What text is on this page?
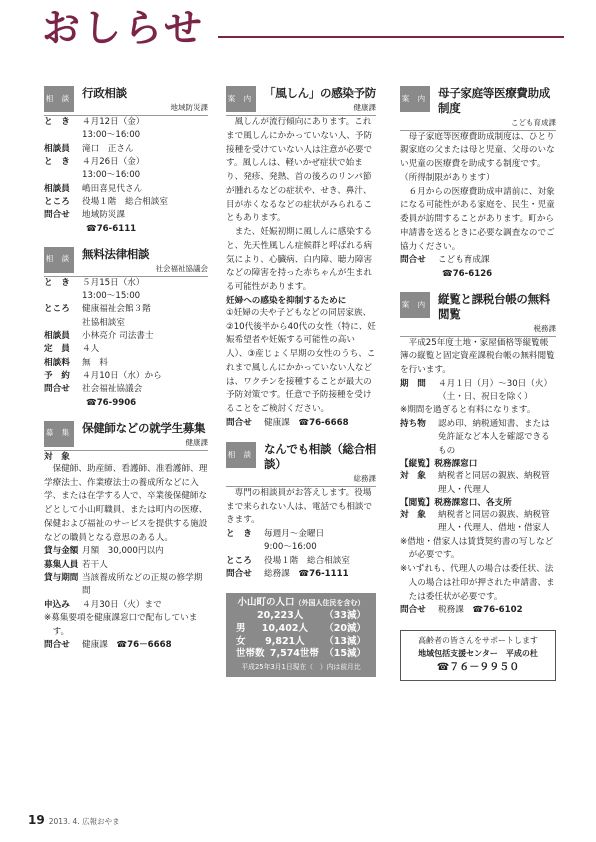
おしらせ
相 談 行政相談
地域防災課
と　き	４月12日（金）
13:00～16:00
相談員	滝口　正さん
と　き	４月26日（金）
13:00～16:00
相談員	嶋田喜見代さん
ところ	役場１階　総合相談室
問合せ	地域防災課
☎76-6111
相 談 無料法律相談
社会福祉協議会
と　き	５月15日（水）
13:00～15:00
ところ	健康福祉会館３階
社協相談室
相談員	小林亮介 司法書士
定　員	４人
相談料	無　料
予　約	４月10日（水）から
問合せ	社会福祉協議会
☎76-9906
募 集 保健師などの就学生募集
健康課
対　象
保健師、助産師、看護師、准看護師、理学療法士、作業療法士の養成所などに入学、または在学する人で、卒業後保健師などとして小山町職員、または町内の医療、保健および福祉のサービスを提供する施設などの職員となる意思のある人。
貸与金額 月額　30,000円以内
募集人員 若干人
貸与期間 当該養成所などの正規の修学期間
申込み	４月30日（火）まで
※募集要項を健康課窓口で配布しています。
問合せ	健康課　 ☎76－6668
案 内 「風しん」の感染予防
健康課
風しんが流行傾向にあります。これまで風しんにかかっていない人、予防接種を受けていない人は注意が必要です。風しんは、軽いかぜ症状で始まり、発疹、発熱、首の後ろのリンパ節が腫れるなどの症状や、せき、鼻汁、目が赤くなるなどの症状がみられることもあります。
また、妊娠初期に風しんに感染すると、先天性風しん症候群と呼ばれる病気により、心臓病、白内障、聴力障害などの障害を持った赤ちゃんが生まれる可能性があります。
妊婦への感染を抑制するために
①妊婦の夫や子どもなどの同居家族、②10代後半から40代の女性（特に、妊娠希望者や妊娠する可能性の高い人）、③産じょく早期の女性のうち、これまで風しんにかかっていない人などは、ワクチンを接種することが最大の予防対策です。任意で予防接種を受けることをご検討ください。
問合せ	健康課　 ☎76-6668
相 談 なんでも相談（総合相談）
総務課
専門の相談員がお答えします。役場まで来られない人は、電話でも相談できます。
と　き	毎週月～金曜日
9:00～16:00
ところ	役場１階　総合相談室
問合せ	総務課　 ☎76-1111
小山町の人口（外国人住民を含む）
20,223人 （33減）
男 10,402人 （20減）
女 9,821人 （13減）
世帯数 7,574世帯 （15減）
平成25年3月1日現在（　）内は前月比
案 内 母子家庭等医療費助成制度
こども育成課
母子家庭等医療費助成制度は、ひとり親家庭の父または母と児童、父母のいない児童の医療費を助成する制度です。（所得制限があります）
６月からの医療費助成申請前に、対象になる可能性がある家庭を、民生・児童委員が訪問することがあります。町から申請書を送るときに必要な調査なのでご協力ください。
問合せ	こども育成課
☎76-6126
案 内 縦覧と課税台帳の無料閲覧
税務課
平成25年度土地・家屋価格等縦覧帳簿の縦覧と固定資産課税台帳の無料閲覧を行います。
期　間	４月１日（月）～30日（火）
（土・日、祝日を除く）
※期間を過ぎると有料になります。
持ち物	認め印、納税通知書、または免許証など本人を確認できるもの
【縦覧】税務課窓口
対　象	納税者と同居の親族、納税管理人・代理人
【閲覧】税務課窓口、各支所
対　象	納税者と同居の親族、納税管理人・代理人、借地・借家人
※借地・借家人は賃貸契約書の写しなどが必要です。
※いずれも、代理人の場合は委任状、法人の場合は社印が押された申請書、または委任状が必要です。
問合せ	税務課　 ☎76-6102
高齢者の皆さんをサポートします
地域包括支援センター　平成の杜
☎７６－９９５０
19 2013. 4. 広報おやま
